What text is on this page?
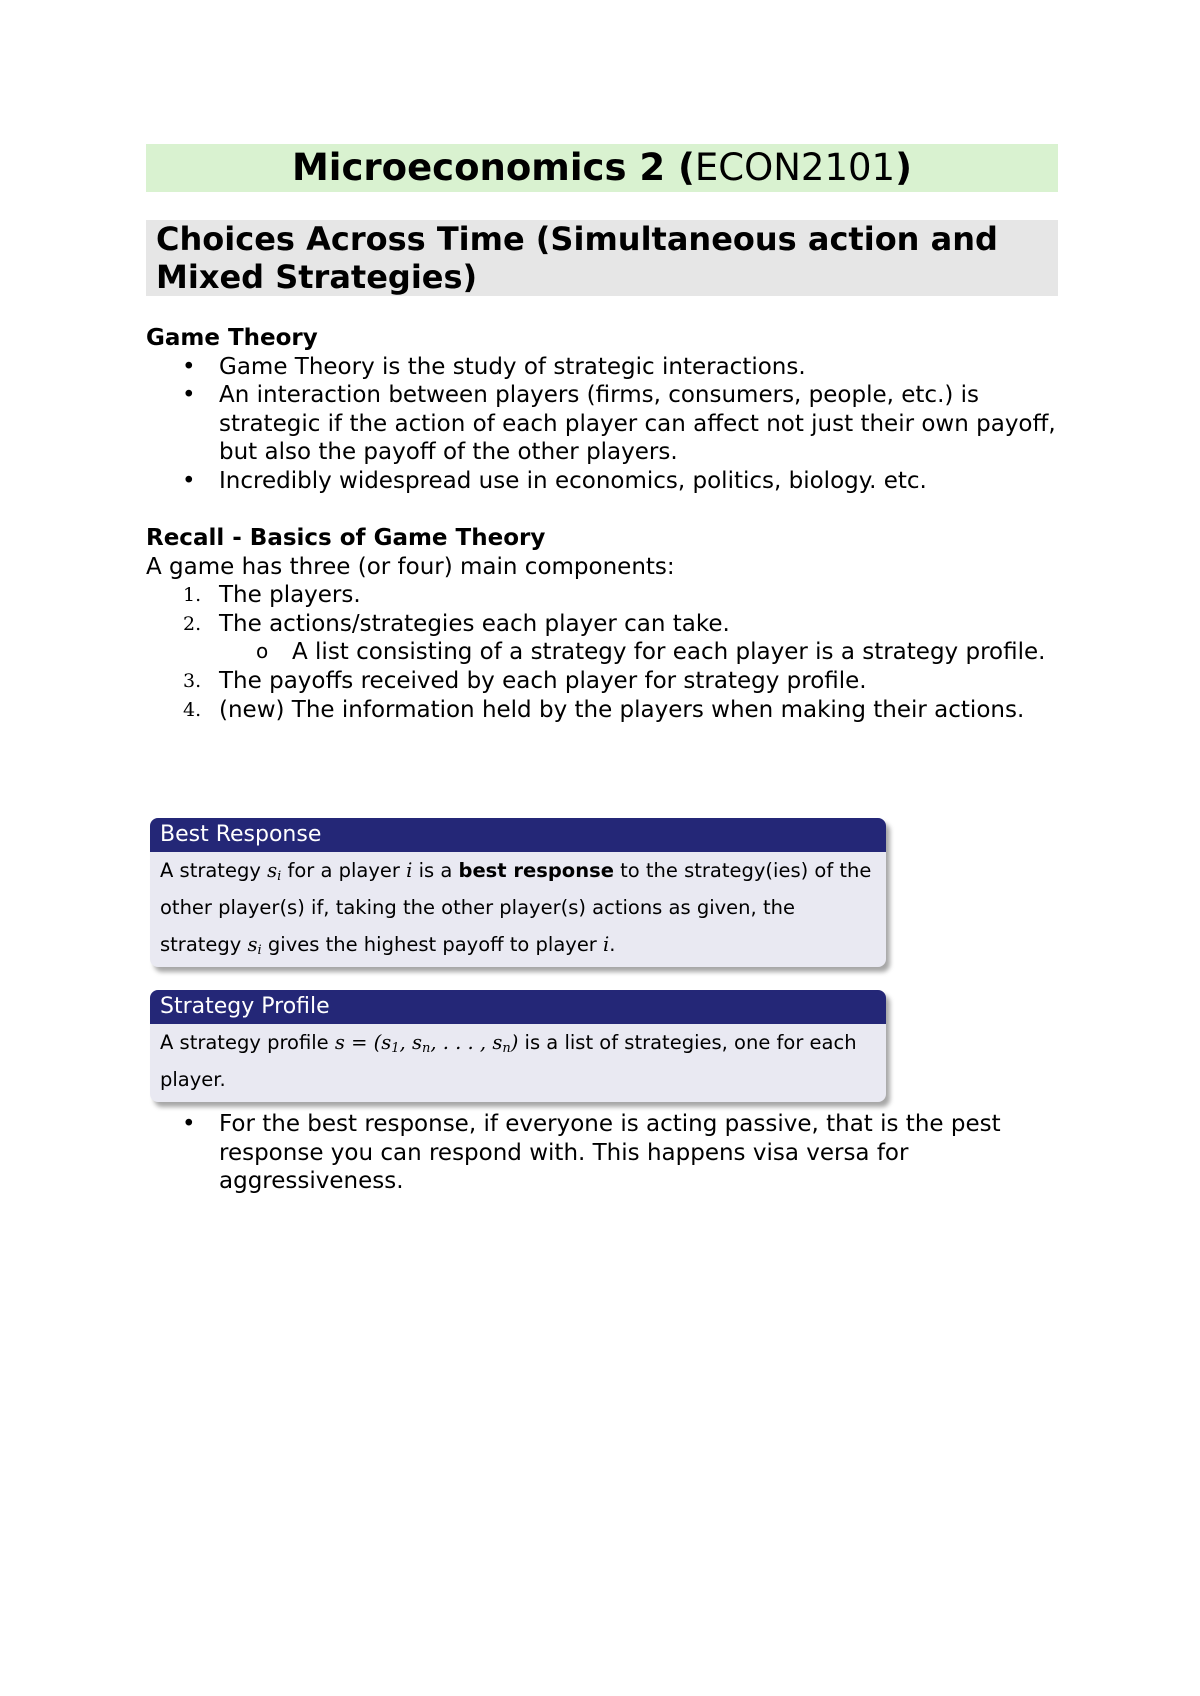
Microeconomics 2 (ECON2101)
Choices Across Time (Simultaneous action and Mixed Strategies)
Game Theory
• Game Theory is the study of strategic interactions.
• An interaction between players (firms, consumers, people, etc.) is strategic if the action of each player can affect not just their own payoff, but also the payoff of the other players.
• Incredibly widespread use in economics, politics, biology. etc.
Recall - Basics of Game Theory
A game has three (or four) main components:
1. The players.
2. The actions/strategies each player can take.
o A list consisting of a strategy for each player is a strategy profile.
3. The payoffs received by each player for strategy profile.
4. (new) The information held by the players when making their actions.
Best Response
A strategy $s_i$ for a player i is a best response to the strategy(ies) of the other player(s) if, taking the other player(s) actions as given, the strategy $s_i$ gives the highest payoff to player i.
Strategy Profile
A strategy profile $s = (s_1$, $s_n$, . . . , $s_n$) is a list of strategies, one for each player.
• For the best response, if everyone is acting passive, that is the pest response you can respond with. This happens visa versa for aggressiveness.
